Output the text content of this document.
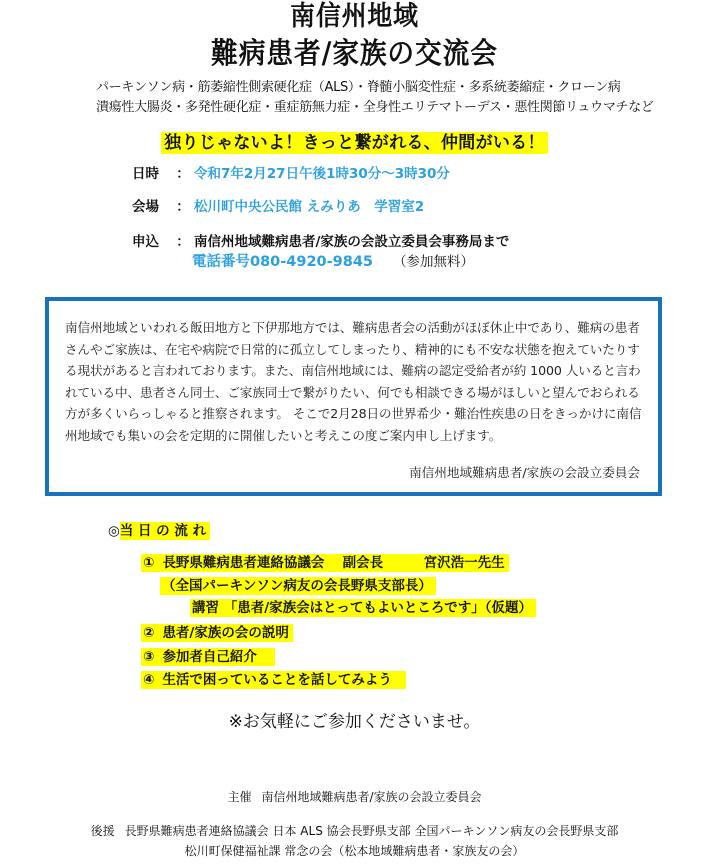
南信州地域
難病患者/家族の交流会
パーキンソン病・筋萎縮性側索硬化症（ALS）・脊髄小脳変性症・多系統萎縮症・クローン病
潰瘍性大腸炎・多発性硬化症・重症筋無力症・全身性エリテマトーデス・悪性関節リュウマチなど
独りじゃないよ！きっと繋がれる、仲間がいる！
日時 ： 令和7年2月27日午後1時30分～3時30分
会場 ： 松川町中央公民館 えみりあ　学習室2
申込 ： 南信州地域難病患者/家族の会設立委員会事務局まで
電話番号080-4920-9845 （参加無料）
南信州地域といわれる飯田地方と下伊那地方では、難病患者会の活動がほぼ休止中であり、難病の患者さんやご家族は、在宅や病院で日常的に孤立してしまったり、精神的にも不安な状態を抱えていたりする現状があると言われております。また、南信州地域には、難病の認定受給者が約 1000 人いると言われている中、患者さん同士、ご家族同士で繋がりたい、何でも相談できる場がほしいと望んでおられる方が多くいらっしゃると推察されます。 そこで2月28日の世界希少・難治性疾患の日をきっかけに南信州地域でも集いの会を定期的に開催したいと考えこの度ご案内申し上げます。
南信州地域難病患者/家族の会設立委員会
◎当 日 の 流 れ
① 長野県難病患者連絡協議会　 副会長　　　宮沢浩一先生
（全国パーキンソン病友の会長野県支部長）
講習 「患者/家族会はとってもよいところです」（仮題）
② 患者/家族の会の説明
③ 参加者自己紹介
④ 生活で困っていることを話してみよう
※お気軽にご参加くださいませ。
主催 南信州地域難病患者/家族の会設立委員会
後援 長野県難病患者連絡協議会 日本 ALS 協会長野県支部 全国パーキンソン病友の会長野県支部
松川町保健福祉課 常念の会（松本地域難病患者・家族友の会）
